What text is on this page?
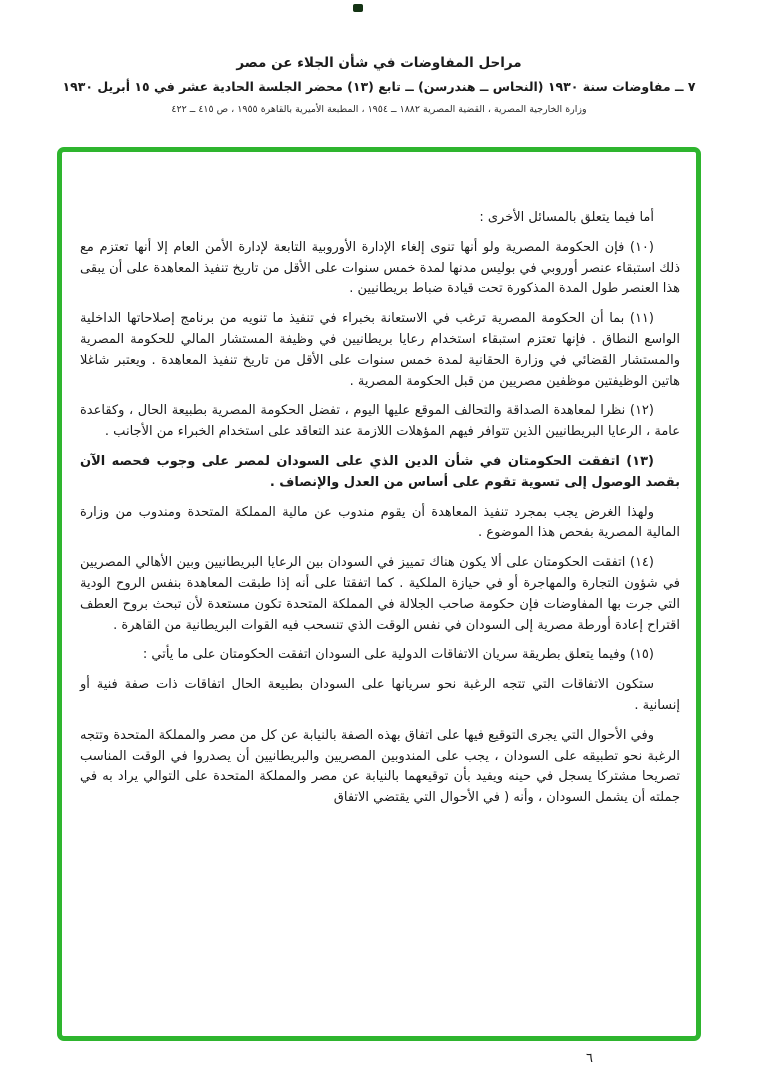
مراحل المفاوضات في شأن الجلاء عن مصر
٧ ــ مفاوضات سنة ١٩٣٠ (النحاس ــ هندرسن) ــ تابع (١٣) محضر الجلسة الحادية عشر في ١٥ أبريل ١٩٣٠
وزارة الخارجية المصرية ، القضية المصرية ١٨٨٢ ــ ١٩٥٤ ، المطبعة الأميرية بالقاهرة ١٩٥٥ ، ص ٤١٥ ــ ٤٢٢

أما فيما يتعلق بالمسائل الأخرى :

(١٠) فإن الحكومة المصرية ولو أنها تنوى إلغاء الإدارة الأوروبية التابعة لإدارة الأمن العام إلا أنها تعتزم مع ذلك استبقاء عنصر أوروبي في بوليس مدنها لمدة خمس سنوات على الأقل من تاريخ تنفيذ المعاهدة على أن يبقى هذا العنصر طول المدة المذكورة تحت قيادة ضباط بريطانيين .

(١١) بما أن الحكومة المصرية ترغب في الاستعانة بخبراء في تنفيذ ما تنويه من برنامج إصلاحاتها الداخلية الواسع النطاق . فإنها تعتزم استبقاء استخدام رعايا بريطانيين في وظيفة المستشار المالي للحكومة المصرية والمستشار القضائي في وزارة الحقانية لمدة خمس سنوات على الأقل من تاريخ تنفيذ المعاهدة . ويعتبر شاغلا هاتين الوظيفتين موظفين مصريين من قبل الحكومة المصرية .

(١٢) نظرا لمعاهدة الصداقة والتحالف الموقع عليها اليوم ، تفضل الحكومة المصرية بطبيعة الحال ، وكقاعدة عامة ، الرعايا البريطانيين الذين تتوافر فيهم المؤهلات اللازمة عند التعاقد على استخدام الخبراء من الأجانب .

(١٣) اتفقت الحكومتان في شأن الدين الذي على السودان لمصر على وجوب فحصه الآن بقصد الوصول إلى تسوية تقوم على أساس من العدل والإنصاف .

ولهذا الغرض يجب بمجرد تنفيذ المعاهدة أن يقوم مندوب عن مالية المملكة المتحدة ومندوب من وزارة المالية المصرية بفحص هذا الموضوع .

(١٤) اتفقت الحكومتان على ألا يكون هناك تمييز في السودان بين الرعايا البريطانيين وبين الأهالي المصريين في شؤون التجارة والمهاجرة أو في حيازة الملكية . كما اتفقتا على أنه إذا طبقت المعاهدة بنفس الروح الودية التي جرت بها المفاوضات فإن حكومة صاحب الجلالة في المملكة المتحدة تكون مستعدة لأن تبحث بروح العطف اقتراح إعادة أورطة مصرية إلى السودان في نفس الوقت الذي تنسحب فيه القوات البريطانية من القاهرة .

(١٥) وفيما يتعلق بطريقة سريان الاتفاقات الدولية على السودان اتفقت الحكومتان على ما يأتي :

ستكون الاتفاقات التي تتجه الرغبة نحو سريانها على السودان بطبيعة الحال اتفاقات ذات صفة فنية أو إنسانية .

وفي الأحوال التي يجرى التوقيع فيها على اتفاق بهذه الصفة بالنيابة عن كل من مصر والمملكة المتحدة وتتجه الرغبة نحو تطبيقه على السودان ، يجب على المندوبين المصريين والبريطانيين أن يصدروا في الوقت المناسب تصريحا مشتركا يسجل في حينه ويفيد بأن توقيعهما بالنيابة عن مصر والمملكة المتحدة على التوالي يراد به في جملته أن يشمل السودان ، وأنه ( في الأحوال التي يقتضي الاتفاق

٦
